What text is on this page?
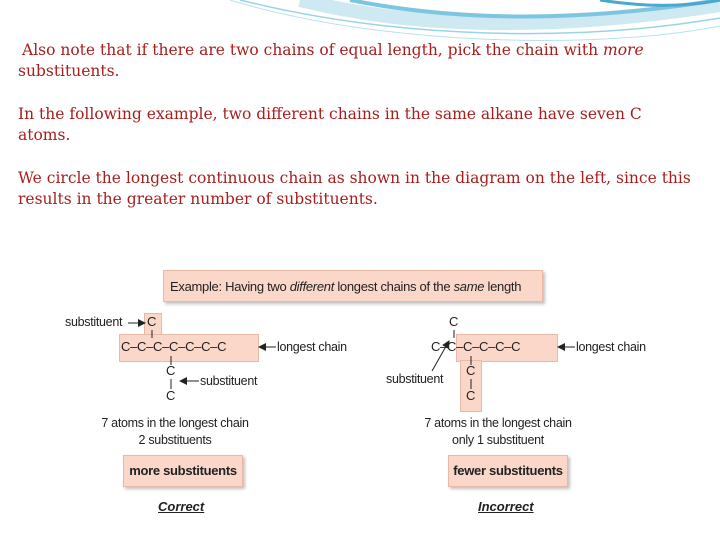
Also note that if there are two chains of equal length, pick the chain with more substituents.

In the following example, two different chains in the same alkane have seven C atoms.

We circle the longest continuous chain as shown in the diagram on the left, since this results in the greater number of substituents.

Example: Having two different longest chains of the same length
C
C–C–C–C–C–C–C
C
C
substituent
longest chain
substituent
7 atoms in the longest chain
2 substituents
more substituents
Correct
C
C–C–C–C–C–C
C
C
longest chain
substituent
7 atoms in the longest chain
only 1 substituent
fewer substituents
Incorrect
